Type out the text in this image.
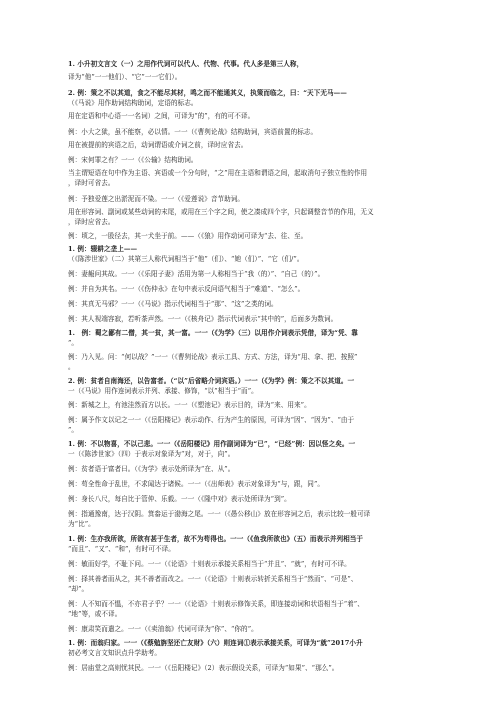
1. 小升初文言文（一）之用作代词可以代人、代物、代事。代人多是第三人称，
译为“他”一一他们）、“它”一一它们）。
2. 例：策之不以其道，食之不能尽其材，鸣之而不能通其义，执策而临之，曰：“天下无马——
（《马说》用作助词结构助词，定语的标志。
用在定语和中心语一一名词）之间，可译为“的”，有的可不译。
例：小大之狱，虽不能察，必以情。一一（《曹刿论战》结构助词，宾语前置的标志。
用在被提前的宾语之后，动词谓语或介词之前，译时应省去。
例：宋何罪之有？一一（《公输》结构助词。
当主谓短语在句中作为主语、宾语或一个分句时，“之”用在主语和谓语之间，起取消句子独立性的作用
，译时可省去。
例：予独爱莲之出淤泥而不染。一一（《爱莲说》音节助词。
用在形容词、副词或某些动词的末尾，或用在三个字之间，使之凑成四个字，只起调整音节的作用，无义
，译时应省去。
例：顷之，一股径去，其一犬坐于前。——（《狼》用作动词可译为“去、往、至。
1. 例：辍耕之垄上——
（《陈涉世家》（二）其第三人称代词相当于“他”（们）、“她（们）”、“它（们/”。
例：妻赧问其故。一一（《乐阳子妻》活用为第一人称相当于“我（的）”、“自己（的）”。
例：并自为其名。一一（《伤仲永》在句中表示反问语气相当于“难道”、“怎么”。
例：其真无马邪？一一（《马说》指示代词相当于“那”、“这”之类的词。
例：其人视端容寂，若听茶声然。一一（《核舟记》指示代词表示“其中的”，后面多为数词。
1.　例：蜀之鄙有二僧，其一贫，其一富。一一（《为学》（三）以用作介词表示凭借，译为“凭、靠
”。
例：乃入见。问：“何以战？”一一（《曹刿论战》表示工具、方式、方法，译为“用、拿、把、按照”
。
2. 例：贫者自南海还，以告富者。（“以”后省略介词宾语。）一一（《为学》例：策之不以其道。一
一（《马说》用作连词表示并列、承接、修饰，“以”相当于“而”。
例：新城之上，有池洼然而方以长。一一（《塑池记》表示目的，译为“来、用来”。
例：属予作文以记之一一（《岳阳楼记》表示动作、行为产生的原因，可译为“因”、“因为”、“由于
”。
1. 例：不以物喜，不以己悲。一一（《岳阳楼记》用作副词译为“已”，“已经”例：因以怪之矣。一
一（《陈涉世家》（四）于表示对象译为“对，对于，向”。
例：贫者语于富者曰。（《为学》表示处所译为“在、从”。
例：苟全性命于乱世，不求闻达于诸候。一一（《出师表》表示对象译为“与，跟，同”。
例：身长八尺，每自比于管仲、乐毅。一一（《隆中对》表示处所译为“到”。
例：指通豫南，达于汉阴。箕畚运于渤海之尾。一一（《愚公移山》放在形容词之后，表示比较一般可译
为“比”。
1. 例：生亦我所欲，所欲有甚于生者，故不为苟得也。一一（《鱼我所欲也》（五）而表示并列相当于
“而且”、“又”、“和”，有时可不译。
例：敏而好学，不耻下问。一一（《论语》十则表示承接关系相当于“并且”、“就”，有时可不译。
例：择其善者而从之，其不善者而改之。一一（《论语》十则表示转折关系相当于“然而”、“可是”、
“却”。
例：人不知而不愠，不亦君子乎？一一（《论语》十则表示修饰关系，即连接动词和状语相当于“着”、
“地”等，或不译。
例：康肃笑而遣之。一一（《卖油翁》代词可译为“你”、“你的”。
1. 例：而翁归家。一一（《蔡勉旃坚还亡友财》（六）则连词①表示承接关系，可译为“就”2017小升
初必考文言文知识点升学助考。
例：居庙堂之高则忧其民。一一（《岳阳楼记》（2）表示假设关系，可译为“如果”、“那么”。
